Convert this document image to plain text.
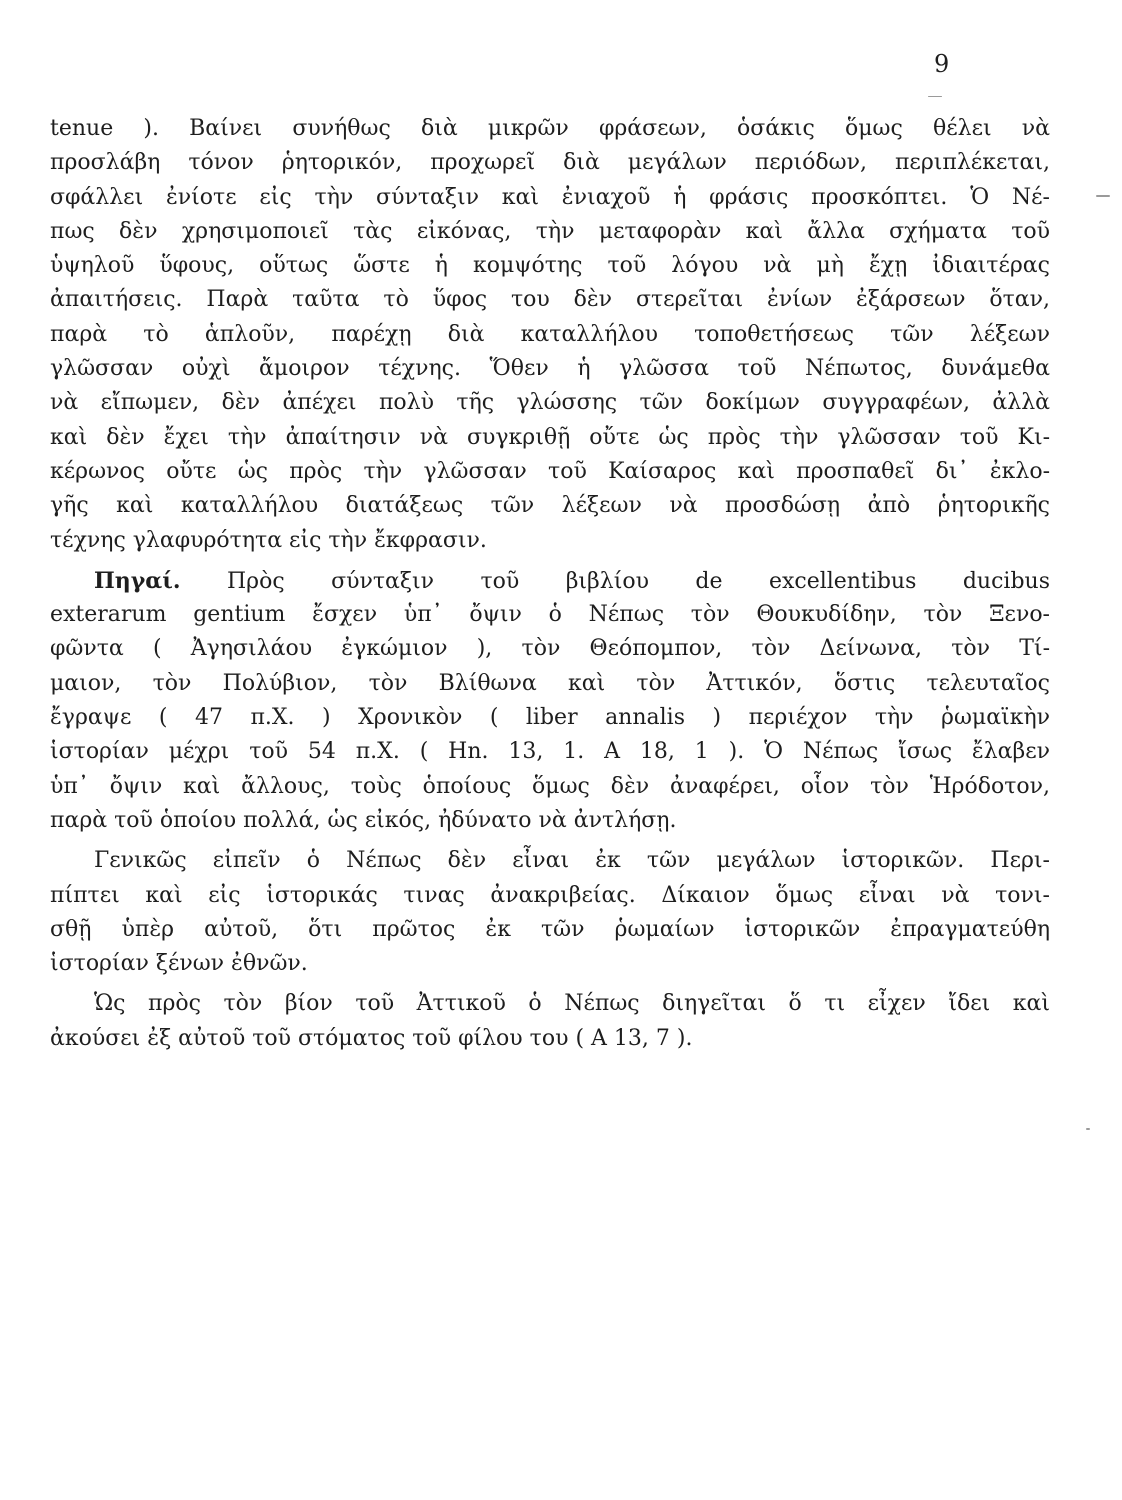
9
tenue ). Βαίνει συνήθως διὰ μικρῶν φράσεων, ὁσάκις ὅμως θέλει νὰ
προσλάβη τόνον ῥητορικόν, προχωρεῖ διὰ μεγάλων περιόδων, περιπλέκεται,
σφάλλει ἐνίοτε εἰς τὴν σύνταξιν καὶ ἐνιαχοῦ ἡ φράσις προσκόπτει. Ὁ Νέ-
πως δὲν χρησιμοποιεῖ τὰς εἰκόνας, τὴν μεταφορὰν καὶ ἄλλα σχήματα τοῦ
ὑψηλοῦ ὕφους, οὕτως ὥστε ἡ κομψότης τοῦ λόγου νὰ μὴ ἔχῃ ἰδιαιτέρας
ἀπαιτήσεις. Παρὰ ταῦτα τὸ ὕφος του δὲν στερεῖται ἐνίων ἐξάρσεων ὅταν,
παρὰ τὸ ἁπλοῦν, παρέχῃ διὰ καταλλήλου τοποθετήσεως τῶν λέξεων
γλῶσσαν οὐχὶ ἄμοιρον τέχνης. Ὅθεν ἡ γλῶσσα τοῦ Νέπωτος, δυνάμεθα
νὰ εἴπωμεν, δὲν ἀπέχει πολὺ τῆς γλώσσης τῶν δοκίμων συγγραφέων, ἀλλὰ
καὶ δὲν ἔχει τὴν ἀπαίτησιν νὰ συγκριθῇ οὔτε ὡς πρὸς τὴν γλῶσσαν τοῦ Κι-
κέρωνος οὔτε ὡς πρὸς τὴν γλῶσσαν τοῦ Καίσαρος καὶ προσπαθεῖ δι᾽ ἐκλο-
γῆς καὶ καταλλήλου διατάξεως τῶν λέξεων νὰ προσδώσῃ ἀπὸ ῥητορικῆς
τέχνης γλαφυρότητα εἰς τὴν ἔκφρασιν.
Πηγαί. Πρὸς σύνταξιν τοῦ βιβλίου de excellentibus ducibus
exterarum gentium ἔσχεν ὑπ᾽ ὄψιν ὁ Νέπως τὸν Θουκυδίδην, τὸν Ξενο-
φῶντα ( Ἀγησιλάου ἐγκώμιον ), τὸν Θεόπομπον, τὸν Δείνωνα, τὸν Τί-
μαιον, τὸν Πολύβιον, τὸν Βλίθωνα καὶ τὸν Ἀττικόν, ὅστις τελευταῖος
ἔγραψε ( 47 π.Χ. ) Χρονικὸν ( liber annalis ) περιέχον τὴν ῥωμαϊκὴν
ἱστορίαν μέχρι τοῦ 54 π.Χ. ( Hn. 13, 1. A 18, 1 ). Ὁ Νέπως ἴσως ἔλαβεν
ὑπ᾽ ὄψιν καὶ ἄλλους, τοὺς ὁποίους ὅμως δὲν ἀναφέρει, οἷον τὸν Ἡρόδοτον,
παρὰ τοῦ ὁποίου πολλά, ὡς εἰκός, ἠδύνατο νὰ ἀντλήσῃ.
Γενικῶς εἰπεῖν ὁ Νέπως δὲν εἶναι ἐκ τῶν μεγάλων ἱστορικῶν. Περι-
πίπτει καὶ εἰς ἱστορικάς τινας ἀνακριβείας. Δίκαιον ὅμως εἶναι νὰ τονι-
σθῇ ὑπὲρ αὐτοῦ, ὅτι πρῶτος ἐκ τῶν ῥωμαίων ἱστορικῶν ἐπραγματεύθη
ἱστορίαν ξένων ἐθνῶν.
Ὡς πρὸς τὸν βίον τοῦ Ἀττικοῦ ὁ Νέπως διηγεῖται ὅ τι εἶχεν ἴδει καὶ
ἀκούσει ἐξ αὐτοῦ τοῦ στόματος τοῦ φίλου του ( A 13, 7 ).
